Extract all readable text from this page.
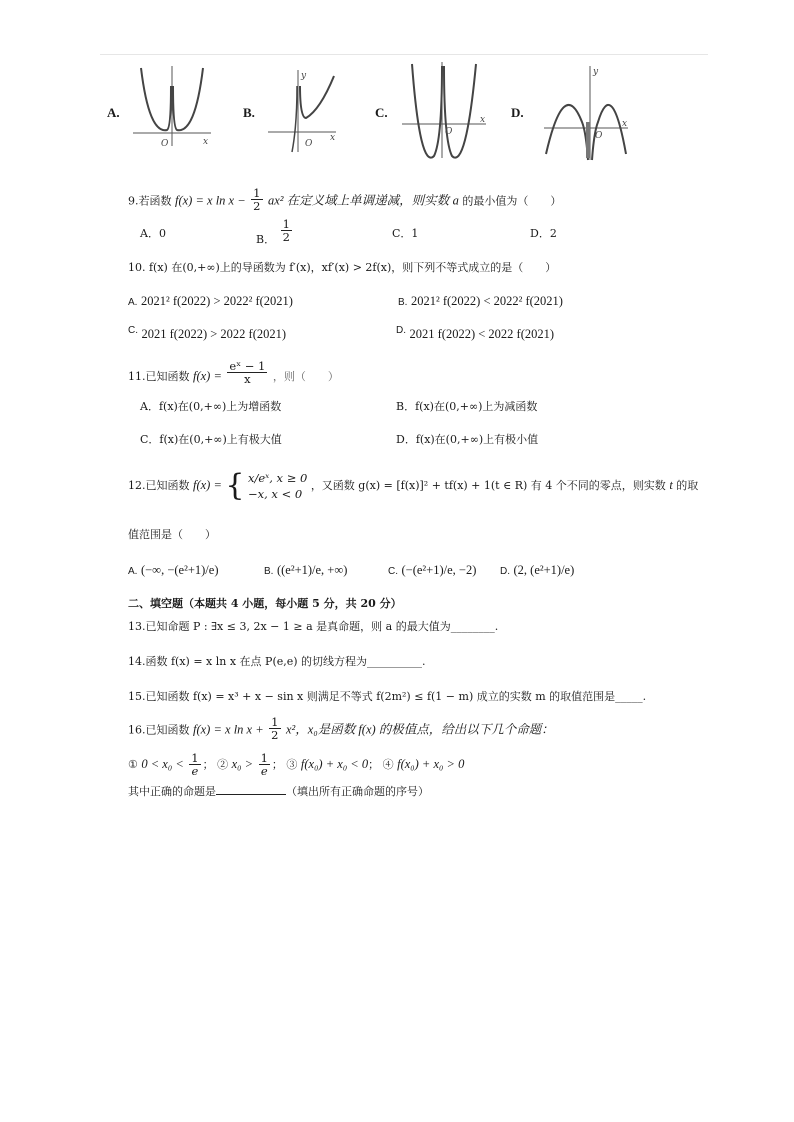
A.
O	x
B.
y
O
x
C.
O
x D.
y
O
x
9.若函数 f(x) = x $\ln x - \frac{1}{2} ax^2$ 在定义域上单调递减，则实数 a 的最小值为（　　）
A．0	B． $\frac{1}{2}$	C．1	D．2
10. f(x) 在(0,+∞)上的导函数为 f′(x)，xf′(x) > 2f(x)，则下列不等式成立的是（　　）
A. 2021² f(2022) > 2022² f(2021)	B. 2021² f(2022) < 2022² f(2021)
C. 2021 f(2022) > 2022 f(2021)	D. 2021 f(2022) < 2022 f(2021)
11.已知函数 $f(x) = \frac{\text{eˣ − 1}}{x}$ ，则（　　）
A．f(x)在(0,+∞)上为增函数	B．f(x)在(0,+∞)上为减函数
C．f(x)在(0,+∞)上有极大值	D．f(x)在(0,+∞)上有极小值
12.已知函数 f(x) = { x/eˣ, x ≥ 0
−x, x < 0 ，又函数 g(x) = [f(x)]² + tf(x) + 1(t ∈ R) 有 4 个不同的零点，则实数 t 的取
值范围是（　　）
A. (−∞, −(e²+1)/e)	B. ((e²+1)/e, +∞)	C. (−(e²+1)/e, −2) D. (2, (e²+1)/e)
二、填空题（本题共 4 小题，每小题 5 分，共 20 分）
13.已知命题 P : ∃x ≤ 3, 2x − 1 ≥ a 是真命题，则 a 的最大值为________.
14.函数 f(x) = x ln x 在点 P(e,e) 的切线方程为__________.
15.已知函数 f(x) = x³ + x − sin x 则满足不等式 f(2m²) ≤ f(1 − m) 成立的实数 m 的取值范围是_____.
16.已知函数 f(x) = x $\ln x + \frac{1}{2} x^2$，x₀是函数 f(x) 的极值点，给出以下几个命题：
① $0 < x_0 < \frac{1}{e}$ ； ② $x_0 > \frac{1}{e}$ ； ③ f(x₀) + x₀ < 0； ④ f(x₀) + x₀ > 0
其中正确的命题是	（填出所有正确命题的序号）
